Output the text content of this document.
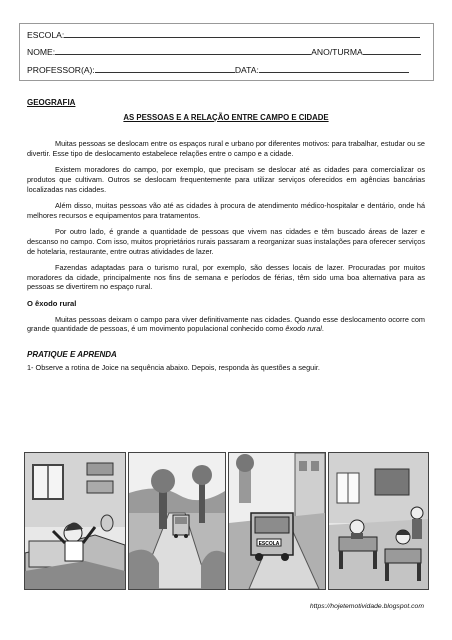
ESCOLA:
NOME:	ANO/TURMA
PROFESSOR(A):	DATA:
GEOGRAFIA
AS PESSOAS E A RELAÇÃO ENTRE CAMPO E CIDADE

Muitas pessoas se deslocam entre os espaços rural e urbano por diferentes motivos: para trabalhar, estudar ou se divertir. Esse tipo de deslocamento estabelece relações entre o campo e a cidade.

Existem moradores do campo, por exemplo, que precisam se deslocar até as cidades para comercializar os produtos que cultivam. Outros se deslocam frequentemente para utilizar serviços oferecidos em agências bancárias localizadas nas cidades.

Além disso, muitas pessoas vão até as cidades à procura de atendimento médico-hospitalar e dentário, onde há melhores recursos e equipamentos para tratamentos.

Por outro lado, é grande a quantidade de pessoas que vivem nas cidades e têm buscado áreas de lazer e descanso no campo. Com isso, muitos proprietários rurais passaram a reorganizar suas instalações para oferecer serviços de hotelaria, restaurante, entre outras atividades de lazer.

Fazendas adaptadas para o turismo rural, por exemplo, são desses locais de lazer. Procuradas por muitos moradores da cidade, principalmente nos fins de semana e períodos de férias, têm sido uma boa alternativa para as pessoas se divertirem no espaço rural.

O êxodo rural

Muitas pessoas deixam o campo para viver definitivamente nas cidades. Quando esse deslocamento ocorre com grande quantidade de pessoas, é um movimento populacional conhecido como êxodo rural.

PRATIQUE E APRENDA

1- Observe a rotina de Joice na sequência abaixo. Depois, responda às questões a seguir.

ESCOLA
https://hojetemotividade.blogspot.com
